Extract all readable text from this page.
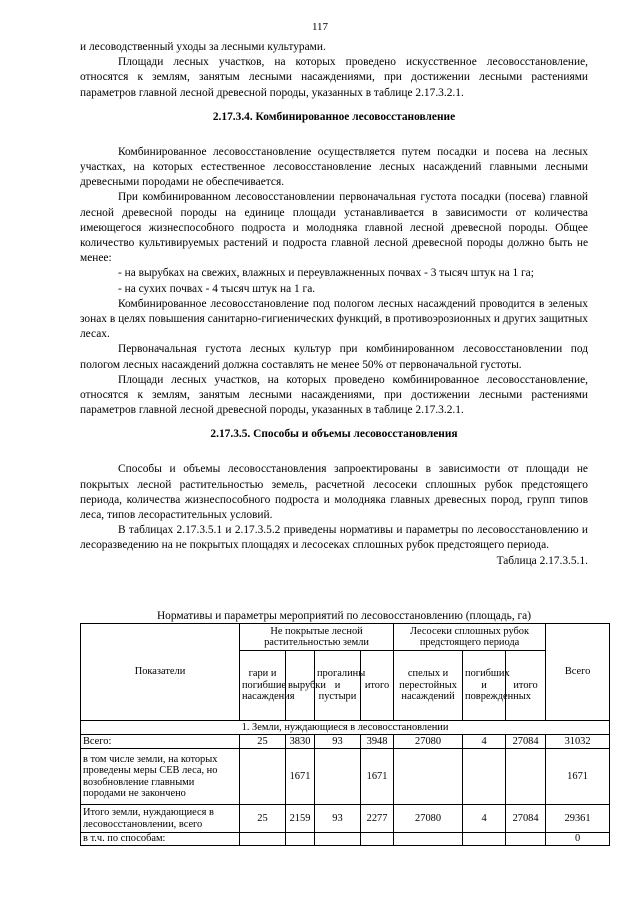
117

и лесоводственный уходы за лесными культурами.

Площади лесных участков, на которых проведено искусственное лесовосстановление, относятся к землям, занятым лесными насаждениями, при достижении лесными растениями параметров главной лесной древесной породы, указанных в таблице 2.17.3.2.1.

2.17.3.4. Комбинированное лесовосстановление

Комбинированное лесовосстановление осуществляется путем посадки и посева на лесных участках, на которых естественное лесовосстановление лесных насаждений главными лесными древесными породами не обеспечивается.

При комбинированном лесовосстановлении первоначальная густота посадки (посева) главной лесной древесной породы на единице площади устанавливается в зависимости от количества имеющегося жизнеспособного подроста и молодняка главной лесной древесной породы. Общее количество культивируемых растений и подроста главной лесной древесной породы должно быть не менее:

- на вырубках на свежих, влажных и переувлажненных почвах - 3 тысяч штук на 1 га;

- на сухих почвах - 4 тысяч штук на 1 га.

Комбинированное лесовосстановление под пологом лесных насаждений проводится в зеленых зонах в целях повышения санитарно-гигиенических функций, в противоэрозионных и других защитных лесах.

Первоначальная густота лесных культур при комбинированном лесовосстановлении под пологом лесных насаждений должна составлять не менее 50% от первоначальной густоты.

Площади лесных участков, на которых проведено комбинированное лесовосстановление, относятся к землям, занятым лесными насаждениями, при достижении лесными растениями параметров главной лесной древесной породы, указанных в таблице 2.17.3.2.1.

2.17.3.5. Способы и объемы лесовосстановления

Способы и объемы лесовосстановления запроектированы в зависимости от площади не покрытых лесной растительностью земель, расчетной лесосеки сплошных рубок предстоящего периода, количества жизнеспособного подроста и молодняка главных древесных пород, групп типов леса, типов лесорастительных условий.

В таблицах 2.17.3.5.1 и 2.17.3.5.2 приведены нормативы и параметры по лесовосстановлению и лесоразведению на не покрытых площадях и лесосеках сплошных рубок предстоящего периода.

Таблица 2.17.3.5.1.

Нормативы и параметры мероприятий по лесовосстановлению (площадь, га)
Показатели	Не покрытые лесной растительностью земли				Лесосеки сплошных рубок предстоящего периода			Всего
	гари и погибшие насаждения	вырубки	прогалины и пустыри	итого	спелых и перестойных насаждений	погибших и поврежденных	итого	
1. Земли, нуждающиеся в лесовосстановлении								
Всего:	25	3830	93	3948	27080	4	27084	31032
в том числе земли, на которых проведены меры СЕВ леса, но возобновление главными породами не закончено		1671		1671				1671
Итого земли, нуждающиеся в лесовосстановлении, всего	25	2159	93	2277	27080	4	27084	29361
в т.ч. по способам:								0
